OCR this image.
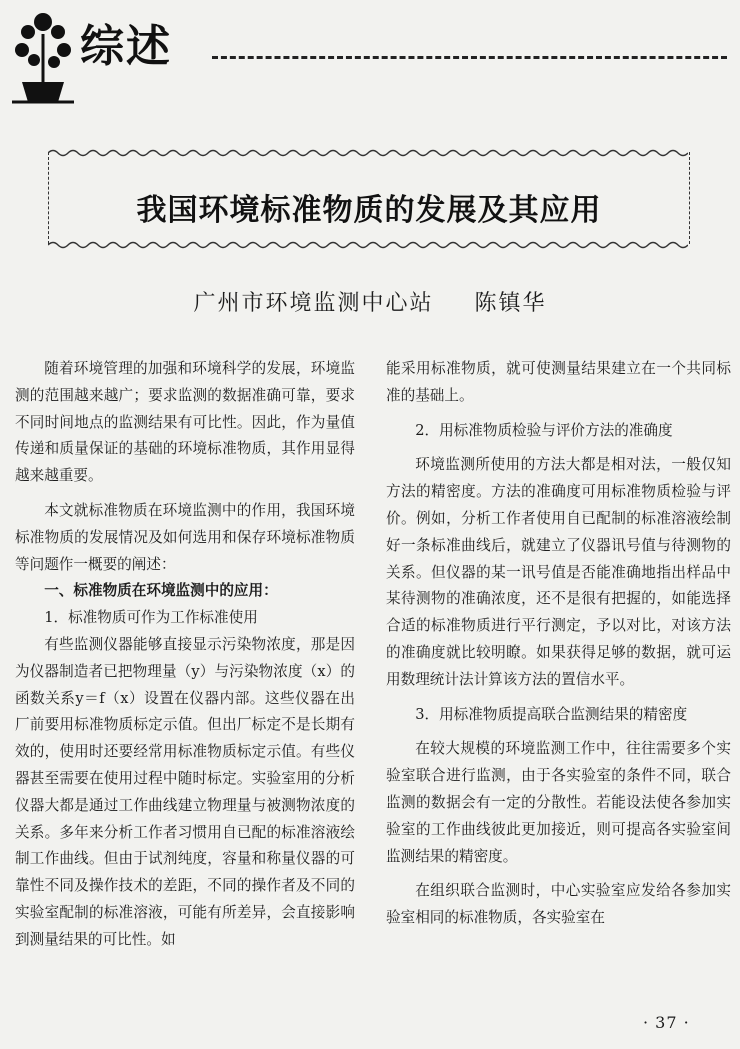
综述
我国环境标准物质的发展及其应用
广州市环境监测中心站 陈镇华

随着环境管理的加强和环境科学的发展，环境监测的范围越来越广；要求监测的数据准确可靠，要求不同时间地点的监测结果有可比性。因此，作为量值传递和质量保证的基础的环境标准物质，其作用显得越来越重要。

本文就标准物质在环境监测中的作用，我国环境标准物质的发展情况及如何选用和保存环境标准物质等问题作一概要的阐述：

一、标准物质在环境监测中的应用：

1．标准物质可作为工作标准使用

有些监测仪器能够直接显示污染物浓度，那是因为仪器制造者已把物理量（y）与污染物浓度（x）的函数关系y＝f（x）设置在仪器内部。这些仪器在出厂前要用标准物质标定示值。但出厂标定不是长期有效的，使用时还要经常用标准物质标定示值。有些仪器甚至需要在使用过程中随时标定。实验室用的分析仪器大都是通过工作曲线建立物理量与被测物浓度的关系。多年来分析工作者习惯用自已配的标准溶液绘制工作曲线。但由于试剂纯度，容量和称量仪器的可靠性不同及操作技术的差距，不同的操作者及不同的实验室配制的标准溶液，可能有所差异，会直接影响到测量结果的可比性。如

能采用标准物质，就可使测量结果建立在一个共同标准的基础上。

2．用标准物质检验与评价方法的准确度

环境监测所使用的方法大都是相对法，一般仅知方法的精密度。方法的准确度可用标准物质检验与评价。例如，分析工作者使用自已配制的标准溶液绘制好一条标准曲线后，就建立了仪器讯号值与待测物的关系。但仪器的某一讯号值是否能准确地指出样品中某待测物的准确浓度，还不是很有把握的，如能选择合适的标准物质进行平行测定，予以对比，对该方法的准确度就比较明瞭。如果获得足够的数据，就可运用数理统计法计算该方法的置信水平。

3．用标准物质提高联合监测结果的精密度

在较大规模的环境监测工作中，往往需要多个实验室联合进行监测，由于各实验室的条件不同，联合监测的数据会有一定的分散性。若能设法使各参加实验室的工作曲线彼此更加接近，则可提高各实验室间监测结果的精密度。

在组织联合监测时，中心实验室应发给各参加实验室相同的标准物质，各实验室在

· 37 ·
